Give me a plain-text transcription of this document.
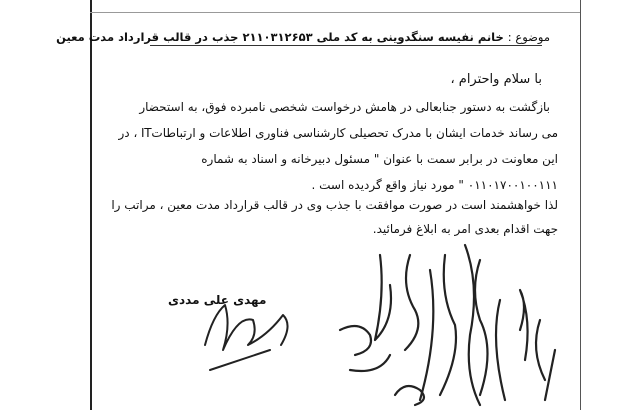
موضوع : خانم نفیسه سنگدوینی به کد ملی ۲۱۱۰۳۱۲۶۵۳ جذب در قالب قرارداد مدت معین
با سلام واحترام ،
بازگشت به دستور جنابعالی در هامش درخواست شخصی نامبرده فوق، به استحضار
می رساند خدمات ایشان با مدرک تحصیلی کارشناسی فناوری اطلاعات و ارتباطاتIT ، در
این معاونت در برابر سمت با عنوان " مسئول دبیرخانه و اسناد به شماره
۰۱۱۰۱۷۰۰۱۰۰۱۱۱ " مورد نیاز واقع گردیده است .
لذا خواهشمند است در صورت موافقت با جذب وی در قالب قرارداد مدت معین ، مراتب را
جهت اقدام بعدی امر به ابلاغ فرمائید.
مهدی علی مددی
